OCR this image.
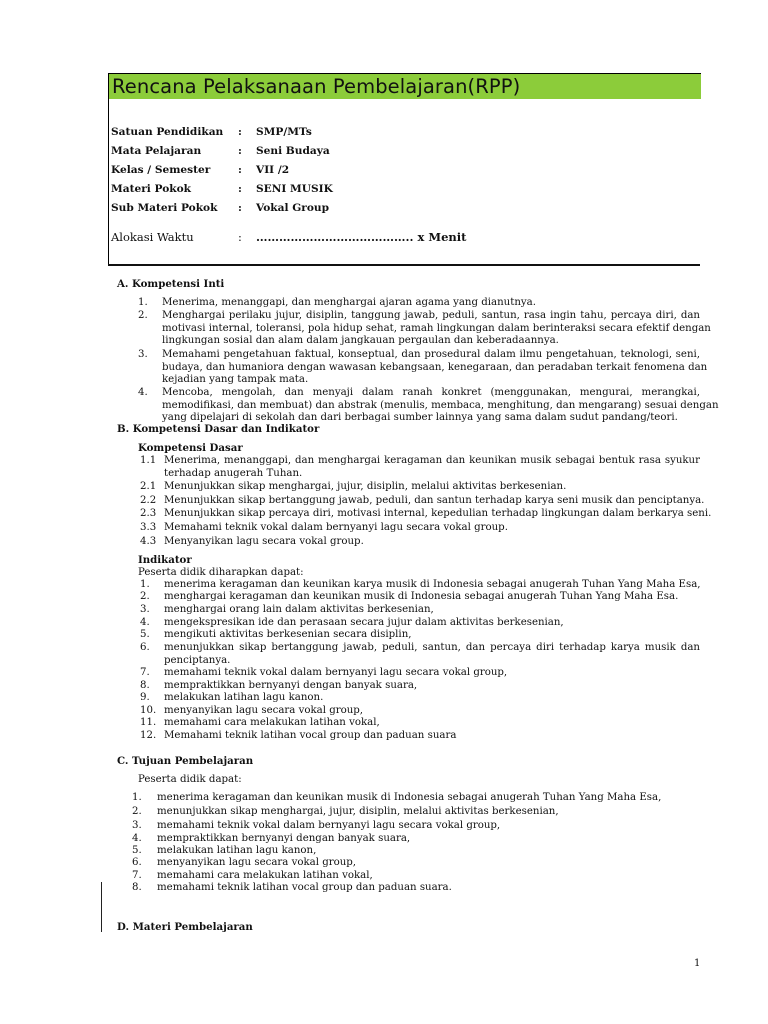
Rencana Pelaksanaan Pembelajaran(RPP)
Satuan Pendidikan : SMP/MTs
Mata Pelajaran	: Seni Budaya
Kelas / Semester	: VII /2
Materi Pokok	: SENI MUSIK
Sub Materi Pokok : Vokal Group
Alokasi Waktu	: ………………………………….. x Menit
A. Kompetensi Inti
1. Menerima, menanggapi, dan menghargai ajaran agama yang dianutnya.
2. Menghargai perilaku jujur, disiplin, tanggung jawab, peduli, santun, rasa ingin tahu, percaya diri, dan
motivasi internal, toleransi, pola hidup sehat, ramah lingkungan dalam berinteraksi secara efektif dengan
lingkungan sosial dan alam dalam jangkauan pergaulan dan keberadaannya.
3. Memahami pengetahuan faktual, konseptual, dan prosedural dalam ilmu pengetahuan, teknologi, seni,
budaya, dan humaniora dengan wawasan kebangsaan, kenegaraan, dan peradaban terkait fenomena dan
kejadian yang tampak mata.
4. Mencoba, mengolah, dan menyaji dalam ranah konkret (menggunakan, mengurai, merangkai,
memodifikasi, dan membuat) dan abstrak (menulis, membaca, menghitung, dan mengarang) sesuai dengan
yang dipelajari di sekolah dan dari berbagai sumber lainnya yang sama dalam sudut pandang/teori.
B. Kompetensi Dasar dan Indikator
Kompetensi Dasar
1.1 Menerima, menanggapi, dan menghargai keragaman dan keunikan musik sebagai bentuk rasa syukur
terhadap anugerah Tuhan.
2.1 Menunjukkan sikap menghargai, jujur, disiplin, melalui aktivitas berkesenian.
2.2 Menunjukkan sikap bertanggung jawab, peduli, dan santun terhadap karya seni musik dan penciptanya.
2.3 Menunjukkan sikap percaya diri, motivasi internal, kepedulian terhadap lingkungan dalam berkarya seni.
3.3 Memahami teknik vokal dalam bernyanyi lagu secara vokal group.
4.3 Menyanyikan lagu secara vokal group.
Indikator
Peserta didik diharapkan dapat:
1. menerima keragaman dan keunikan karya musik di Indonesia sebagai anugerah Tuhan Yang Maha Esa,
2. menghargai keragaman dan keunikan musik di Indonesia sebagai anugerah Tuhan Yang Maha Esa.
3. menghargai orang lain dalam aktivitas berkesenian,
4. mengekspresikan ide dan perasaan secara jujur dalam aktivitas berkesenian,
5. mengikuti aktivitas berkesenian secara disiplin,
6. menunjukkan sikap bertanggung jawab, peduli, santun, dan percaya diri terhadap karya musik dan
penciptanya.
7. memahami teknik vokal dalam bernyanyi lagu secara vokal group,
8. mempraktikkan bernyanyi dengan banyak suara,
9. melakukan latihan lagu kanon.
10. menyanyikan lagu secara vokal group,
11. memahami cara melakukan latihan vokal,
12. Memahami teknik latihan vocal group dan paduan suara
C. Tujuan Pembelajaran
Peserta didik dapat:
1. menerima keragaman dan keunikan musik di Indonesia sebagai anugerah Tuhan Yang Maha Esa,
2. menunjukkan sikap menghargai, jujur, disiplin, melalui aktivitas berkesenian,
3. memahami teknik vokal dalam bernyanyi lagu secara vokal group,
4. mempraktikkan bernyanyi dengan banyak suara,
5. melakukan latihan lagu kanon,
6. menyanyikan lagu secara vokal group,
7. memahami cara melakukan latihan vokal,
8. memahami teknik latihan vocal group dan paduan suara.
D. Materi Pembelajaran
1
